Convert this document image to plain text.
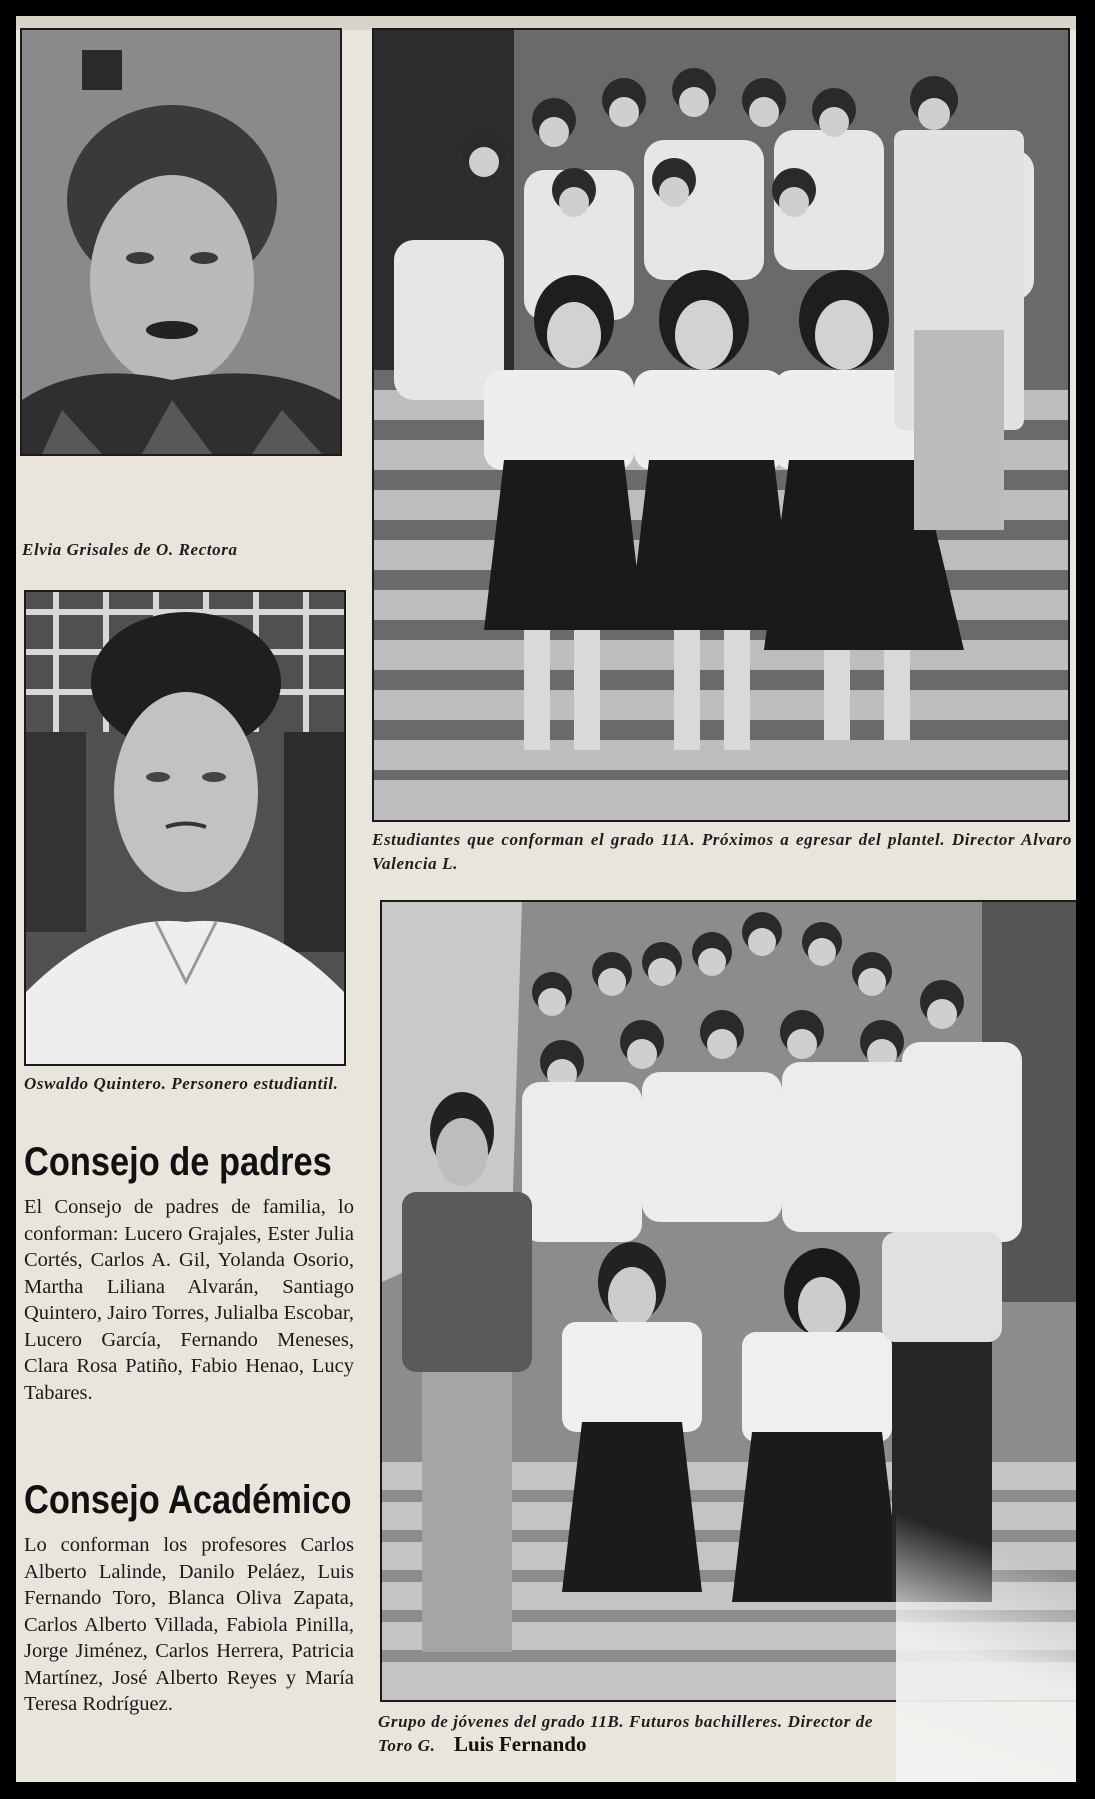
Elvia Grisales de O. Rectora
Oswaldo Quintero. Personero estudiantil.
Consejo de padres
El Consejo de padres de familia, lo conforman: Lucero Grajales, Ester Julia Cortés, Carlos A. Gil, Yolanda Osorio, Martha Liliana Alvarán, Santiago Quintero, Jairo Torres, Julialba Escobar, Lucero García, Fernando Meneses, Clara Rosa Patiño, Fabio Henao, Lucy Tabares.
Consejo Académico
Lo conforman los profesores Carlos Alberto Lalinde, Danilo Peláez, Luis Fernando Toro, Blanca Oliva Zapata, Carlos Alberto Villada, Fabiola Pinilla, Jorge Jiménez, Carlos Herrera, Patricia Martínez, José Alberto Reyes y María Teresa Rodríguez.
Estudiantes que conforman el grado 11A. Próximos a egresar del plantel. Director Alvaro Valencia L.
Grupo de jóvenes del grado 11B. Futuros bachilleres. Director de
Toro G. Luis Fernando
